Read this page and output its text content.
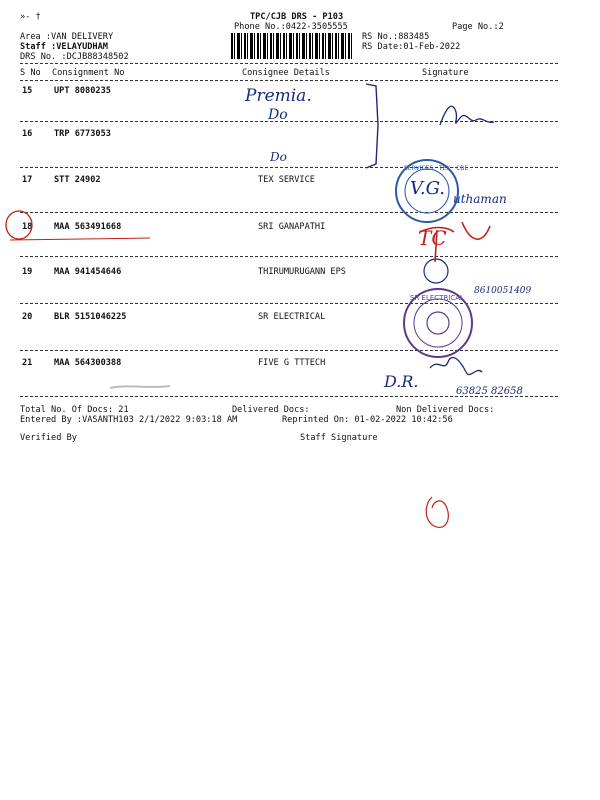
»- †	TPC/CJB DRS - P103
Phone No.:0422-3505555	Page No.:2
Area :VAN DELIVERY
Staff :VELAYUDHAM
DRS No. :DCJB88348502
RS No.:883485
RS Date:01-Feb-2022
S No Consignment No	Consignee Details	Signature
15	UPT 8080235
16	TRP 6773053
17	STT 24902	TEX SERVICE
18	MAA 563491668	SRI GANAPATHI
19	MAA 941454646	THIRUMURUGANN EPS
20	BLR 5151046225	SR ELECTRICAL
21	MAA 564300388	FIVE G TTTECH
Total No. Of Docs: 21	Delivered Docs:	Non Delivered Docs:
Entered By :VASANTH103 2/1/2022 9:03:18 AM	Reprinted On: 01-02-2022 10:42:56
Verified By	Staff Signature
Premia.
Do
Do
V.G. uthaman
TC
8610051409
D.R.
63825 82658
SERVICES · TEX · CBE ·
SR ELECTRICAL
